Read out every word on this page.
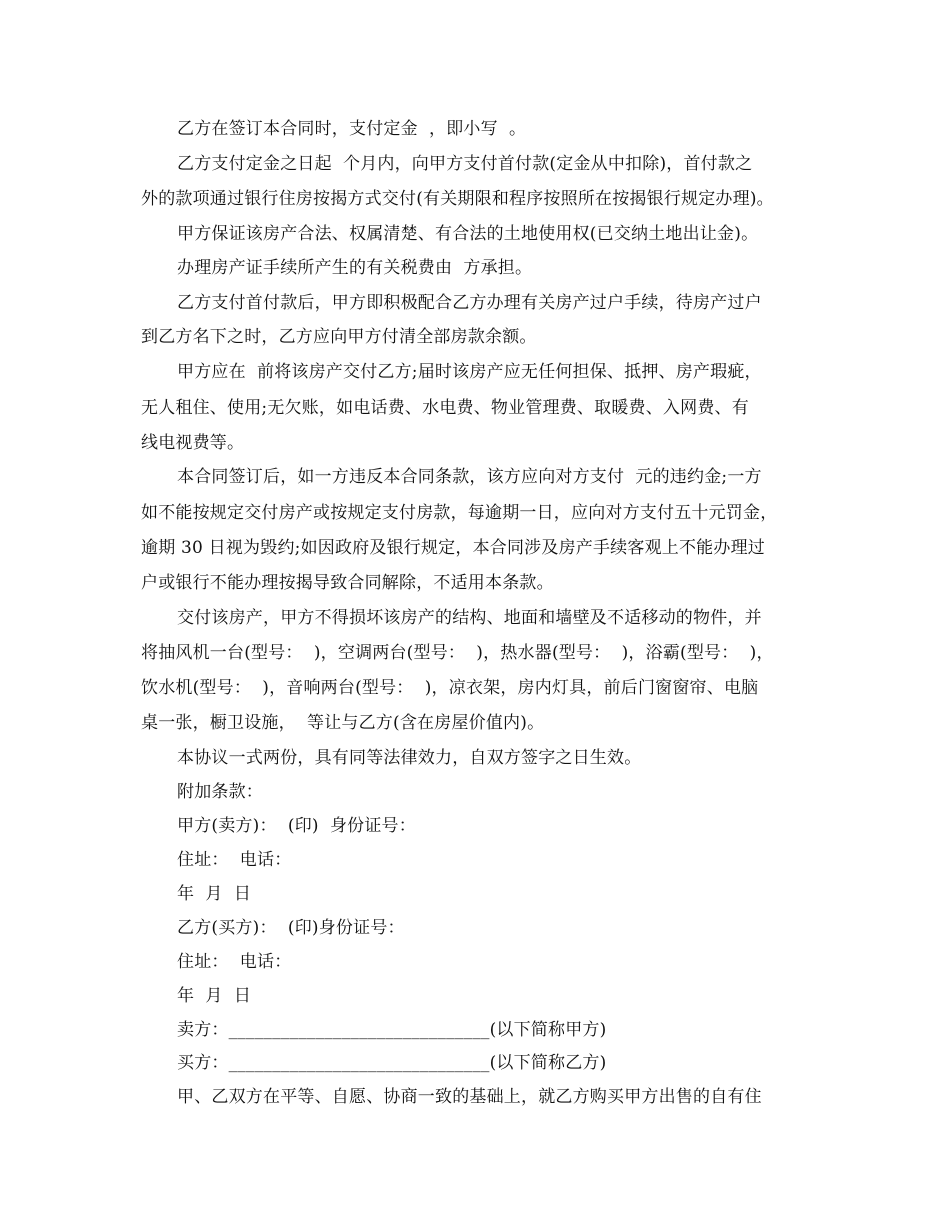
乙方在签订本合同时，支付定金  ，即小写  。
乙方支付定金之日起  个月内，向甲方支付首付款(定金从中扣除)，首付款之
外的款项通过银行住房按揭方式交付(有关期限和程序按照所在按揭银行规定办理)。
甲方保证该房产合法、权属清楚、有合法的土地使用权(已交纳土地出让金)。
办理房产证手续所产生的有关税费由  方承担。
乙方支付首付款后，甲方即积极配合乙方办理有关房产过户手续，待房产过户
到乙方名下之时，乙方应向甲方付清全部房款余额。
甲方应在  前将该房产交付乙方;届时该房产应无任何担保、抵押、房产瑕疵，
无人租住、使用;无欠账，如电话费、水电费、物业管理费、取暖费、入网费、有
线电视费等。
本合同签订后，如一方违反本合同条款，该方应向对方支付  元的违约金;一方
如不能按规定交付房产或按规定支付房款，每逾期一日，应向对方支付五十元罚金，
逾期 30 日视为毁约;如因政府及银行规定，本合同涉及房产手续客观上不能办理过
户或银行不能办理按揭导致合同解除，不适用本条款。
交付该房产，甲方不得损坏该房产的结构、地面和墙壁及不适移动的物件，并
将抽风机一台(型号：  )，空调两台(型号：  )，热水器(型号：  )，浴霸(型号：  )，
饮水机(型号：  )，音响两台(型号：  )，凉衣架，房内灯具，前后门窗窗帘、电脑
桌一张，橱卫设施，  等让与乙方(含在房屋价值内)。
本协议一式两份，具有同等法律效力，自双方签字之日生效。
附加条款：
甲方(卖方)：  (印)  身份证号：
住址：  电话：
年  月  日
乙方(买方)：  (印)身份证号：
住址：  电话：
年  月  日
卖方：______________________________(以下简称甲方)
买方：______________________________(以下简称乙方)
甲、乙双方在平等、自愿、协商一致的基础上，就乙方购买甲方出售的自有住
